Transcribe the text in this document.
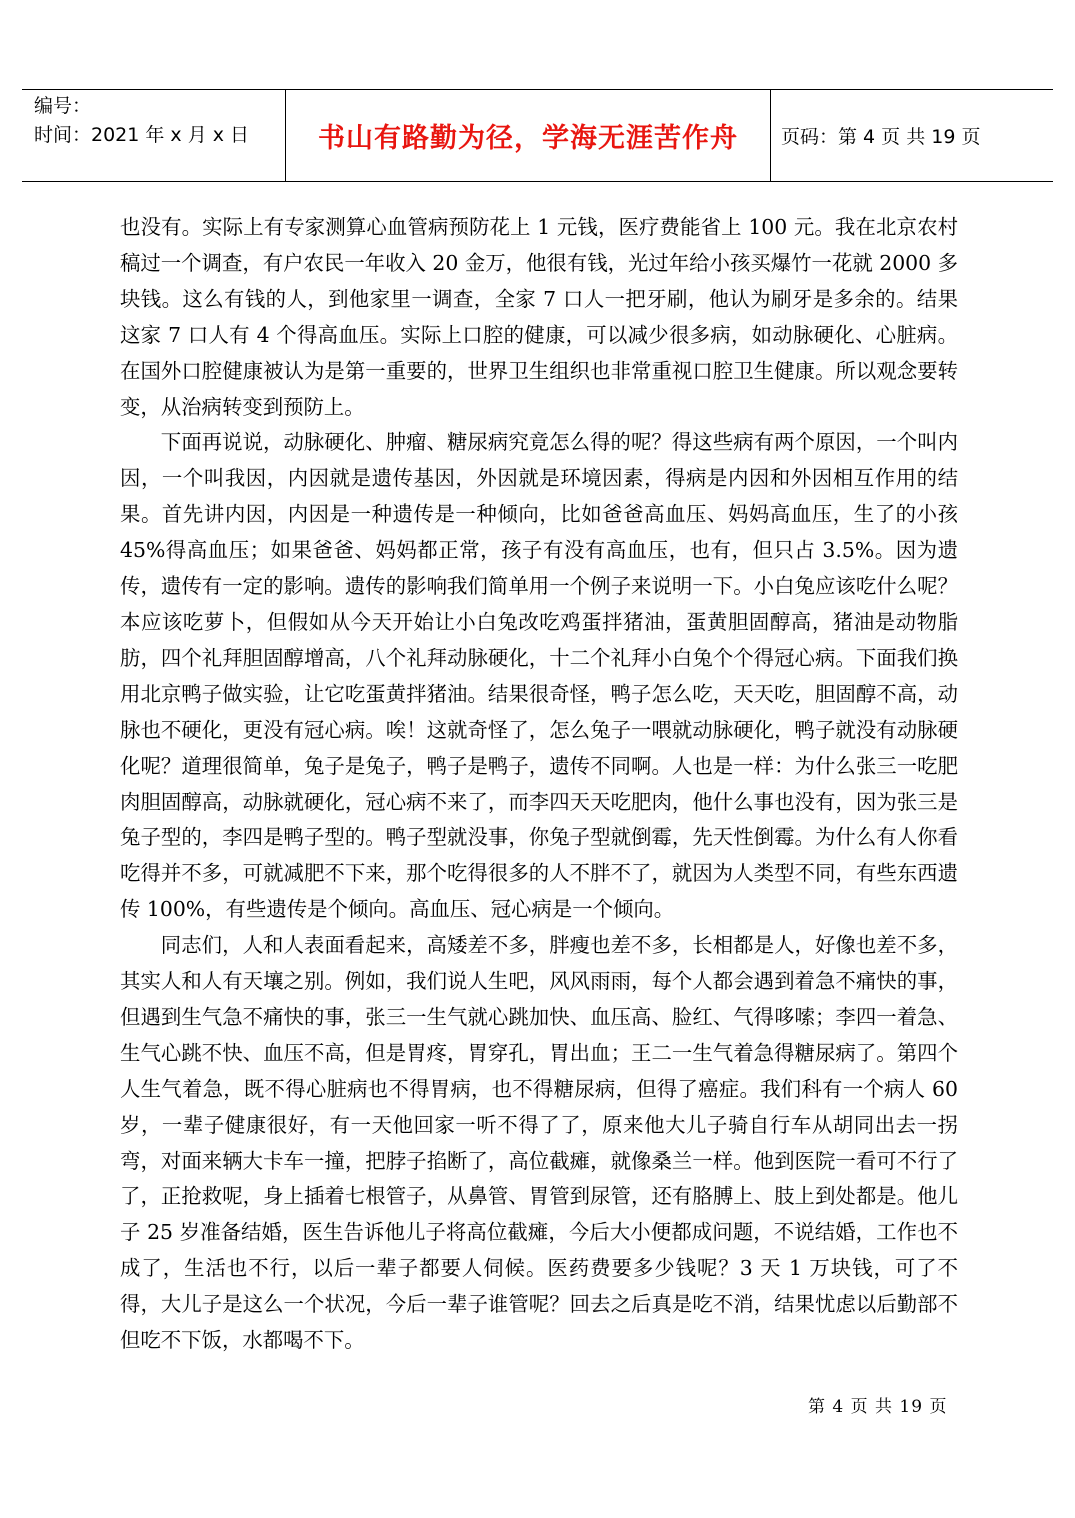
编号：
时间：2021 年 x 月 x 日	书山有路勤为径，学海无涯苦作舟	页码：第 4 页 共 19 页

也没有。实际上有专家测算心血管病预防花上 1 元钱，医疗费能省上 100 元。我在北京农村稿过一个调查，有户农民一年收入 20 金万，他很有钱，光过年给小孩买爆竹一花就 2000 多块钱。这么有钱的人，到他家里一调查，全家 7 口人一把牙刷，他认为刷牙是多余的。结果这家 7 口人有 4 个得高血压。实际上口腔的健康，可以减少很多病，如动脉硬化、心脏病。在国外口腔健康被认为是第一重要的，世界卫生组织也非常重视口腔卫生健康。所以观念要转变，从治病转变到预防上。

下面再说说，动脉硬化、肿瘤、糖尿病究竟怎么得的呢？得这些病有两个原因，一个叫内因，一个叫我因，内因就是遗传基因，外因就是环境因素，得病是内因和外因相互作用的结果。首先讲内因，内因是一种遗传是一种倾向，比如爸爸高血压、妈妈高血压，生了的小孩 45%得高血压；如果爸爸、妈妈都正常，孩子有没有高血压，也有，但只占 3.5%。因为遗传，遗传有一定的影响。遗传的影响我们简单用一个例子来说明一下。小白兔应该吃什么呢？本应该吃萝卜，但假如从今天开始让小白兔改吃鸡蛋拌猪油，蛋黄胆固醇高，猪油是动物脂肪，四个礼拜胆固醇增高，八个礼拜动脉硬化，十二个礼拜小白兔个个得冠心病。下面我们换用北京鸭子做实验，让它吃蛋黄拌猪油。结果很奇怪，鸭子怎么吃，天天吃，胆固醇不高，动脉也不硬化，更没有冠心病。唉！这就奇怪了，怎么兔子一喂就动脉硬化，鸭子就没有动脉硬化呢？道理很简单，兔子是兔子，鸭子是鸭子，遗传不同啊。人也是一样：为什么张三一吃肥肉胆固醇高，动脉就硬化，冠心病不来了，而李四天天吃肥肉，他什么事也没有，因为张三是兔子型的，李四是鸭子型的。鸭子型就没事，你兔子型就倒霉，先天性倒霉。为什么有人你看吃得并不多，可就减肥不下来，那个吃得很多的人不胖不了，就因为人类型不同，有些东西遗传 100%，有些遗传是个倾向。高血压、冠心病是一个倾向。

同志们，人和人表面看起来，高矮差不多，胖瘦也差不多，长相都是人，好像也差不多，其实人和人有天壤之别。例如，我们说人生吧，风风雨雨，每个人都会遇到着急不痛快的事，但遇到生气急不痛快的事，张三一生气就心跳加快、血压高、脸红、气得哆嗦；李四一着急、生气心跳不快、血压不高，但是胃疼，胃穿孔，胃出血；王二一生气着急得糖尿病了。第四个人生气着急，既不得心脏病也不得胃病，也不得糖尿病，但得了癌症。我们科有一个病人 60 岁，一辈子健康很好，有一天他回家一听不得了了，原来他大儿子骑自行车从胡同出去一拐弯，对面来辆大卡车一撞，把脖子掐断了，高位截瘫，就像桑兰一样。他到医院一看可不行了了，正抢救呢，身上插着七根管子，从鼻管、胃管到尿管，还有胳膊上、肢上到处都是。他儿子 25 岁准备结婚，医生告诉他儿子将高位截瘫，今后大小便都成问题，不说结婚，工作也不成了，生活也不行，以后一辈子都要人伺候。医药费要多少钱呢？3 天 1 万块钱，可了不得，大儿子是这么一个状况，今后一辈子谁管呢？回去之后真是吃不消，结果忧虑以后勤部不但吃不下饭，水都喝不下。

第 4 页 共 19 页
